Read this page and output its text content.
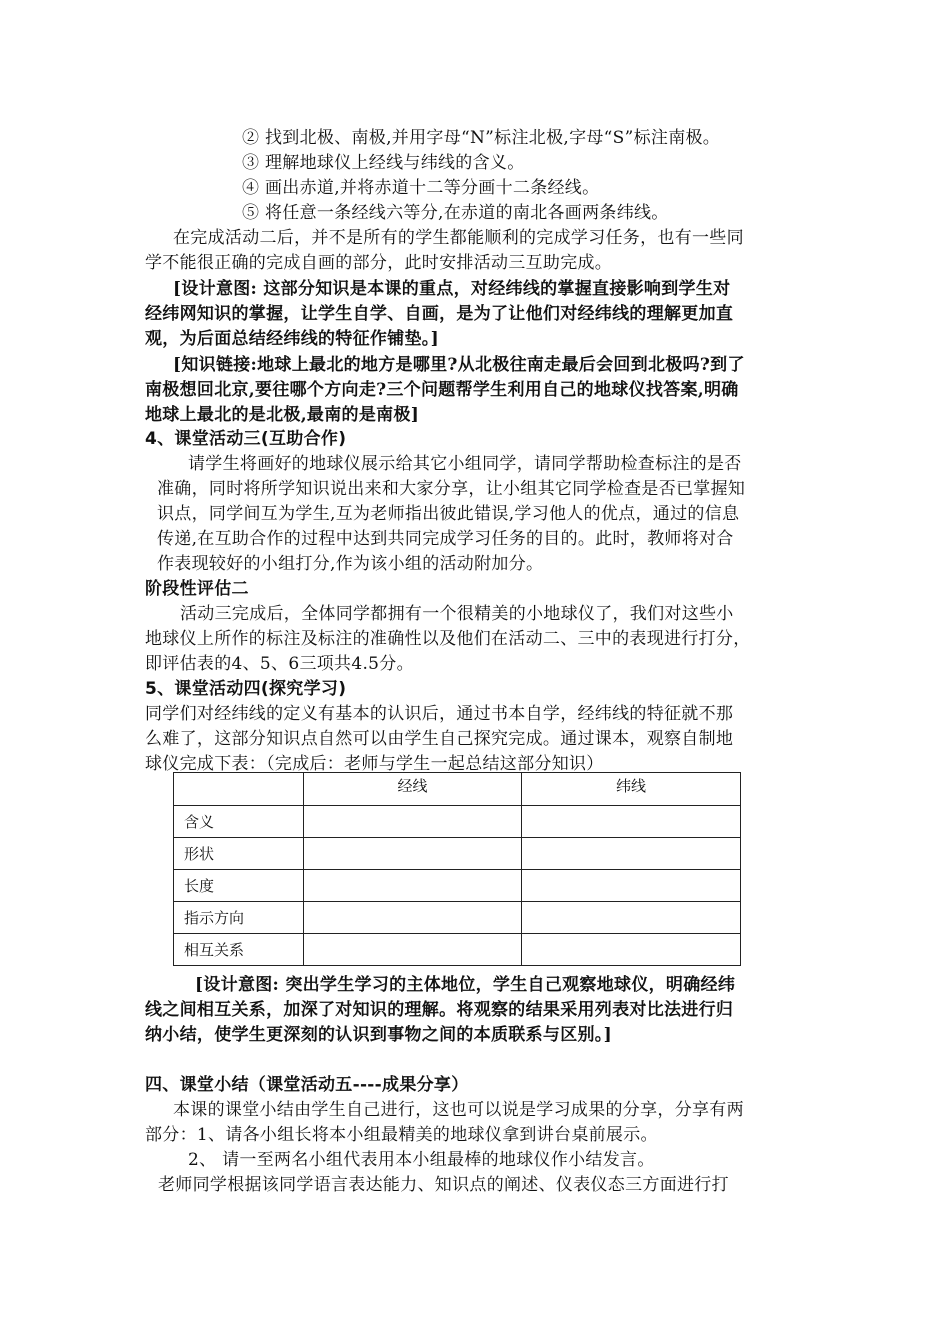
② 找到北极、南极,并用字母“N”标注北极,字母“S”标注南极。
③ 理解地球仪上经线与纬线的含义。
④ 画出赤道,并将赤道十二等分画十二条经线。
⑤ 将任意一条经线六等分,在赤道的南北各画两条纬线。
在完成活动二后，并不是所有的学生都能顺利的完成学习任务，也有一些同
学不能很正确的完成自画的部分，此时安排活动三互助完成。
[设计意图: 这部分知识是本课的重点，对经纬线的掌握直接影响到学生对
经纬网知识的掌握，让学生自学、自画，是为了让他们对经纬线的理解更加直
观，为后面总结经纬线的特征作铺垫。]
[知识链接:地球上最北的地方是哪里?从北极往南走最后会回到北极吗?到了
南极想回北京,要往哪个方向走?三个问题帮学生利用自己的地球仪找答案,明确
地球上最北的是北极,最南的是南极]
4、课堂活动三(互助合作)
请学生将画好的地球仪展示给其它小组同学，请同学帮助检查标注的是否
准确，同时将所学知识说出来和大家分享，让小组其它同学检查是否已掌握知
识点，同学间互为学生,互为老师指出彼此错误,学习他人的优点，通过的信息
传递,在互助合作的过程中达到共同完成学习任务的目的。此时，教师将对合
作表现较好的小组打分,作为该小组的活动附加分。
阶段性评估二
活动三完成后，全体同学都拥有一个很精美的小地球仪了，我们对这些小
地球仪上所作的标注及标注的准确性以及他们在活动二、三中的表现进行打分，
即评估表的4、5、6三项共4.5分。
5、课堂活动四(探究学习)
同学们对经纬线的定义有基本的认识后，通过书本自学，经纬线的特征就不那
么难了，这部分知识点自然可以由学生自己探究完成。通过课本，观察自制地
球仪完成下表：（完成后：老师与学生一起总结这部分知识）
	经线	纬线
含义		
形状		
长度		
指示方向		
相互关系		
[设计意图: 突出学生学习的主体地位，学生自己观察地球仪，明确经纬
线之间相互关系，加深了对知识的理解。将观察的结果采用列表对比法进行归
纳小结，使学生更深刻的认识到事物之间的本质联系与区别。]
四、课堂小结（课堂活动五----成果分享）
本课的课堂小结由学生自己进行，这也可以说是学习成果的分享，分享有两
部分：1、请各小组长将本小组最精美的地球仪拿到讲台桌前展示。
2、 请一至两名小组代表用本小组最棒的地球仪作小结发言。
老师同学根据该同学语言表达能力、知识点的阐述、仪表仪态三方面进行打
